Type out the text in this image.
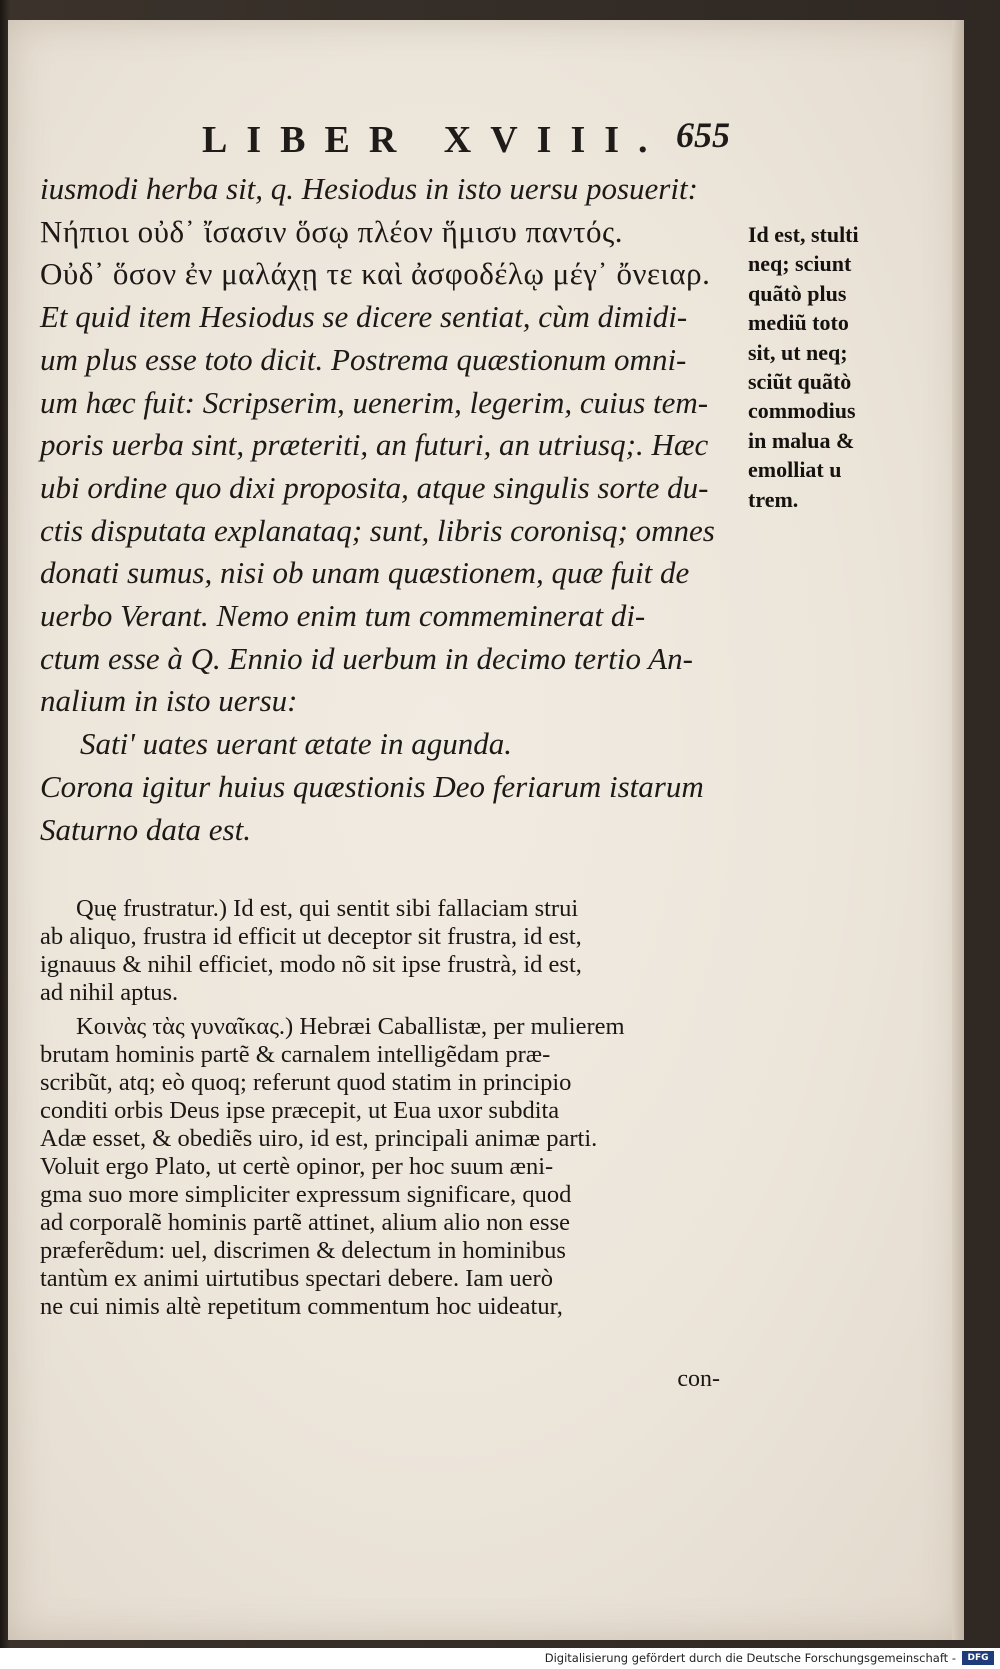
LIBER XVIII. 655
iusmodi herba sit, q. Hesiodus in isto uersu posuerit:
Νήπιοι οὐδ᾽ ἴσασιν ὅσῳ πλέον ἥμισυ παντός.
Οὐδ᾽ ὅσον ἐν μαλάχῃ τε καὶ ἀσφοδέλῳ μέγ᾽ ὄνειαρ.
Et quid item Hesiodus se dicere sentiat, cùm dimidi-
um plus esse toto dicit. Postrema quæstionum omni-
um hæc fuit: Scripserim, uenerim, legerim, cuius tem-
poris uerba sint, præteriti, an futuri, an utriusq;. Hæc
ubi ordine quo dixi proposita, atque singulis sorte du-
ctis disputata explanataq; sunt, libris coronisq; omnes
donati sumus, nisi ob unam quæstionem, quæ fuit de
uerbo Verant. Nemo enim tum commeminerat di-
ctum esse à Q. Ennio id uerbum in decimo tertio An-
nalium in isto uersu:
Sati' uates uerant ætate in agunda.
Corona igitur huius quæstionis Deo feriarum istarum
Saturno data est.
Id est, stulti
neq; sciunt
quãtò plus
mediũ toto
sit, ut neq;
sciũt quãtò
commodius
in malua &
emolliat u
trem.
Quę frustratur.) Id est, qui sentit sibi fallaciam strui
ab aliquo, frustra id efficit ut deceptor sit frustra, id est,
ignauus & nihil efficiet, modo nõ sit ipse frustrà, id est,
ad nihil aptus.
Κοινὰς τὰς γυναῖκας.) Hebræi Caballistæ, per mulierem
brutam hominis partẽ & carnalem intelligẽdam præ-
scribũt, atq; eò quoq; referunt quod statim in principio
conditi orbis Deus ipse præcepit, ut Eua uxor subdita
Adæ esset, & obediẽs uiro, id est, principali animæ parti.
Voluit ergo Plato, ut certè opinor, per hoc suum æni-
gma suo more simpliciter expressum significare, quod
ad corporalẽ hominis partẽ attinet, alium alio non esse
præferẽdum: uel, discrimen & delectum in hominibus
tantùm ex animi uirtutibus spectari debere. Iam uerò
ne cui nimis altè repetitum commentum hoc uideatur,
con-
Digitalisierung gefördert durch die Deutsche Forschungsgemeinschaft -	DFG
